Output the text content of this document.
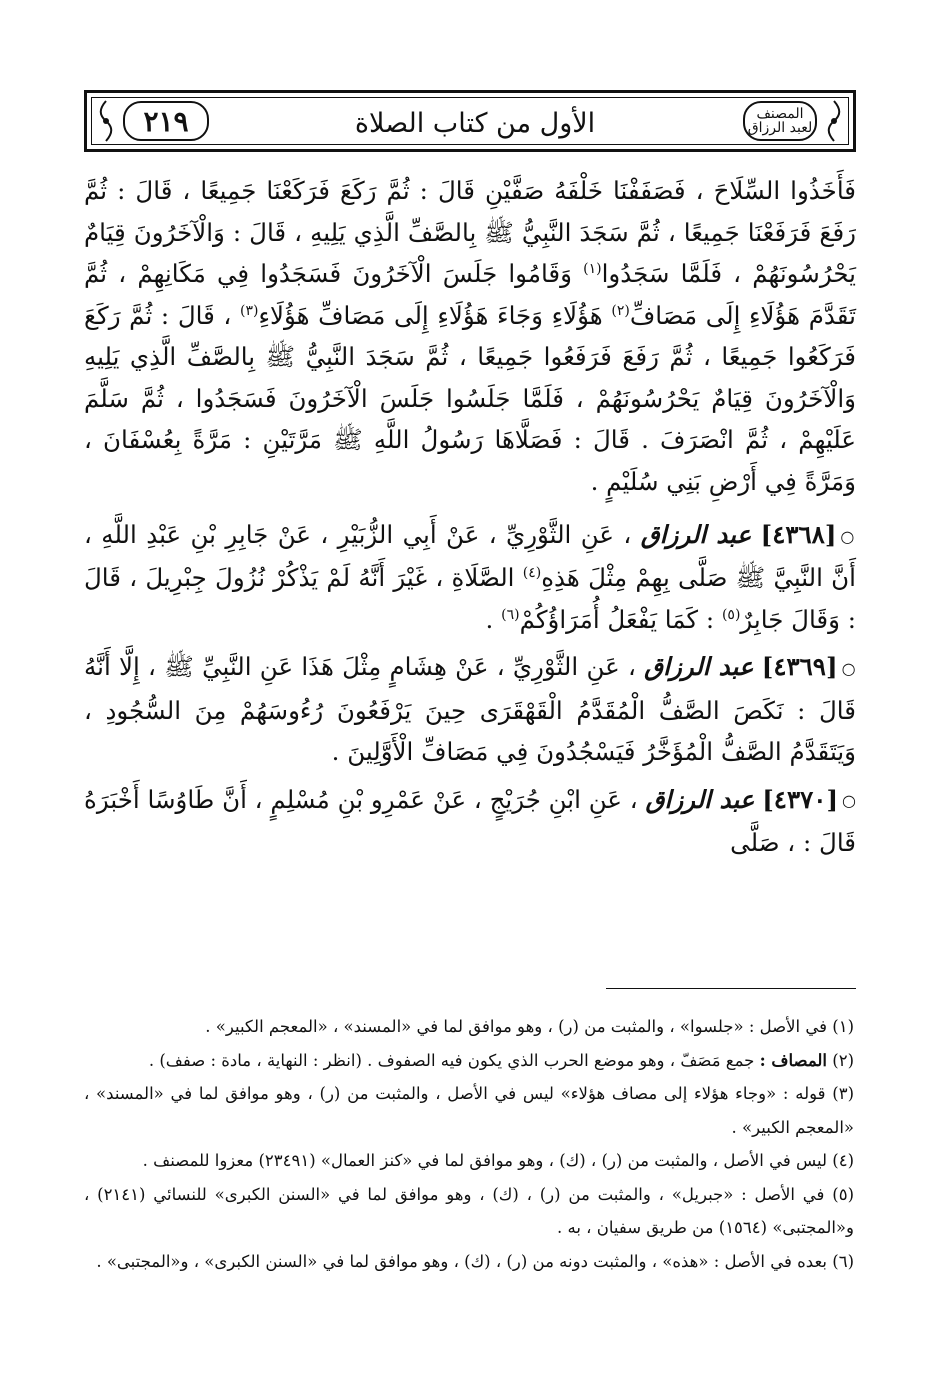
٢١٩	الأول من كتاب الصلاة	المصنف
لعبد الرزاق

فَأَخَذُوا السِّلَاحَ ، فَصَفَفْنَا خَلْفَهُ صَفَّيْنِ قَالَ : ثُمَّ رَكَعَ فَرَكَعْنَا جَمِيعًا ، قَالَ : ثُمَّ رَفَعَ فَرَفَعْنَا جَمِيعًا ، ثُمَّ سَجَدَ النَّبِيُّ ﷺ بِالصَّفِّ الَّذِي يَلِيهِ ، قَالَ : وَالْآخَرُونَ قِيَامٌ يَحْرُسُونَهُمْ ، فَلَمَّا سَجَدُوا$^{(١)}$ وَقَامُوا جَلَسَ الْآخَرُونَ فَسَجَدُوا فِي مَكَانِهِمْ ، ثُمَّ تَقَدَّمَ هَؤُلَاءِ إِلَى مَصَافِّ$^{(٢)}$ هَؤُلَاءِ وَجَاءَ هَؤُلَاءِ إِلَى مَصَافِّ هَؤُلَاءِ$^{(٣)}$ ، قَالَ : ثُمَّ رَكَعَ فَرَكَعُوا جَمِيعًا ، ثُمَّ رَفَعَ فَرَفَعُوا جَمِيعًا ، ثُمَّ سَجَدَ النَّبِيُّ ﷺ بِالصَّفِّ الَّذِي يَلِيهِ وَالْآخَرُونَ قِيَامٌ يَحْرُسُونَهُمْ ، فَلَمَّا جَلَسُوا جَلَسَ الْآخَرُونَ فَسَجَدُوا ، ثُمَّ سَلَّمَ عَلَيْهِمْ ، ثُمَّ انْصَرَفَ . قَالَ : فَصَلَّاهَا رَسُولُ اللَّهِ ﷺ مَرَّتَيْنِ : مَرَّةً بِعُسْفَانَ ، وَمَرَّةً فِي أَرْضِ بَنِي سُلَيْمٍ .

○[٤٣٦٨] عبد الرزاق ، عَنِ الثَّوْرِيِّ ، عَنْ أَبِي الزُّبَيْرِ ، عَنْ جَابِرِ بْنِ عَبْدِ اللَّهِ ، أَنَّ النَّبِيَّ ﷺ صَلَّى بِهِمْ مِثْلَ هَذِهِ$^{(٤)}$ الصَّلَاةِ ، غَيْرَ أَنَّهُ لَمْ يَذْكُرْ نُزُولَ جِبْرِيلَ ، قَالَ : وَقَالَ جَابِرٌ$^{(٥)}$ : كَمَا يَفْعَلُ أُمَرَاؤُكُمْ$^{(٦)}$ .

○[٤٣٦٩] عبد الرزاق ، عَنِ الثَّوْرِيِّ ، عَنْ هِشَامٍ مِثْلَ هَذَا عَنِ النَّبِيِّ ﷺ ، إِلَّا أَنَّهُ قَالَ : نَكَصَ الصَّفُّ الْمُقَدَّمُ الْقَهْقَرَى حِينَ يَرْفَعُونَ رُءُوسَهُمْ مِنَ السُّجُودِ ، وَيَتَقَدَّمُ الصَّفُّ الْمُؤَخَّرُ فَيَسْجُدُونَ فِي مَصَافِّ الْأَوَّلِينَ .

○[٤٣٧٠] عبد الرزاق ، عَنِ ابْنِ جُرَيْجٍ ، عَنْ عَمْرِو بْنِ مُسْلِمٍ ، أَنَّ طَاوُسًا أَخْبَرَهُ قَالَ : ، صَلَّى

(١) في الأصل : «جلسوا» ، والمثبت من (ر) ، وهو موافق لما في «المسند» ، «المعجم الكبير» .

(٢) المصاف : جمع مَصَفّ ، وهو موضع الحرب الذي يكون فيه الصفوف . (انظر : النهاية ، مادة : صفف) .

(٣) قوله : «وجاء هؤلاء إلى مصاف هؤلاء» ليس في الأصل ، والمثبت من (ر) ، وهو موافق لما في «المسند» ، «المعجم الكبير» .

(٤) ليس في الأصل ، والمثبت من (ر) ، (ك) ، وهو موافق لما في «كنز العمال» (٢٣٤٩١) معزوا للمصنف .

(٥) في الأصل : «جبريل» ، والمثبت من (ر) ، (ك) ، وهو موافق لما في «السنن الكبرى» للنسائي (٢١٤١) ، و«المجتبى» (١٥٦٤) من طريق سفيان ، به .

(٦) بعده في الأصل : «هذه» ، والمثبت دونه من (ر) ، (ك) ، وهو موافق لما في «السنن الكبرى» ، و«المجتبى» .
